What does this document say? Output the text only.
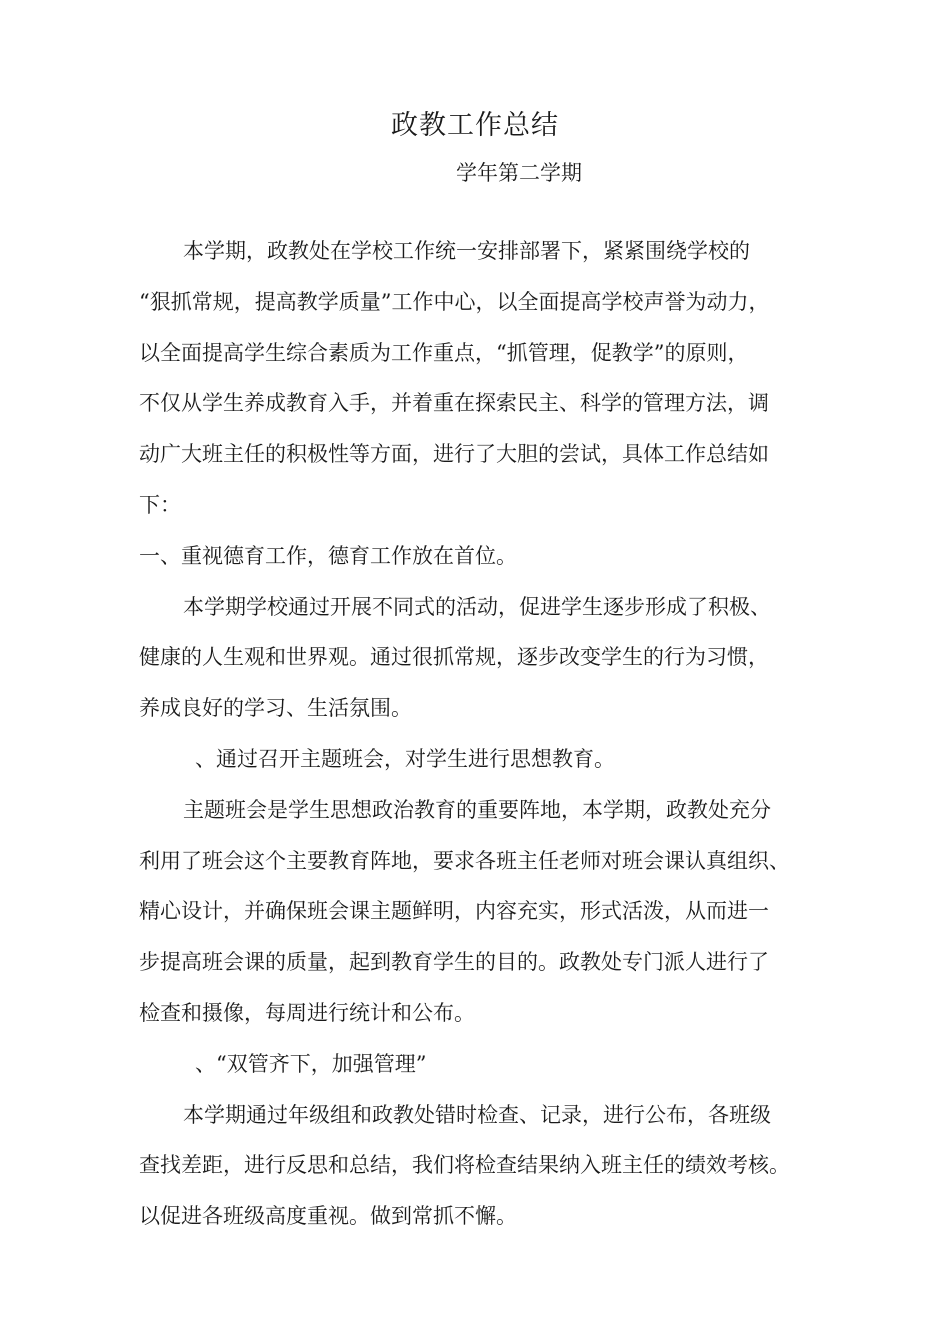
政教工作总结
学年第二学期
本学期，政教处在学校工作统一安排部署下，紧紧围绕学校的
“狠抓常规，提高教学质量”工作中心，以全面提高学校声誉为动力，
以全面提高学生综合素质为工作重点，“抓管理，促教学”的原则，
不仅从学生养成教育入手，并着重在探索民主、科学的管理方法，调
动广大班主任的积极性等方面，进行了大胆的尝试，具体工作总结如
下：
一、重视德育工作，德育工作放在首位。
本学期学校通过开展不同式的活动，促进学生逐步形成了积极、
健康的人生观和世界观。通过很抓常规，逐步改变学生的行为习惯，
养成良好的学习、生活氛围。
、通过召开主题班会，对学生进行思想教育。
主题班会是学生思想政治教育的重要阵地，本学期，政教处充分
利用了班会这个主要教育阵地，要求各班主任老师对班会课认真组织、
精心设计，并确保班会课主题鲜明，内容充实，形式活泼，从而进一
步提高班会课的质量，起到教育学生的目的。政教处专门派人进行了
检查和摄像，每周进行统计和公布。
、“双管齐下，加强管理”
本学期通过年级组和政教处错时检查、记录，进行公布，各班级
查找差距，进行反思和总结，我们将检查结果纳入班主任的绩效考核。
以促进各班级高度重视。做到常抓不懈。
